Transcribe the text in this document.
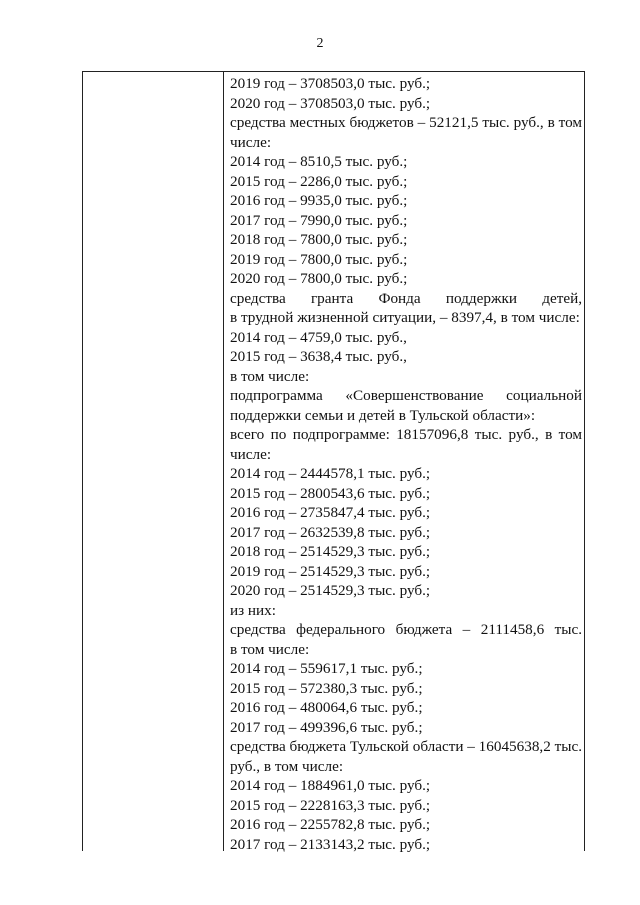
2
2019 год – 3708503,0 тыс. руб.;
2020 год – 3708503,0 тыс. руб.;
средства местных бюджетов – 52121,5 тыс. руб., в том
числе:
2014 год – 8510,5 тыс. руб.;
2015 год – 2286,0 тыс. руб.;
2016 год – 9935,0 тыс. руб.;
2017 год – 7990,0 тыс. руб.;
2018 год – 7800,0 тыс. руб.;
2019 год – 7800,0 тыс. руб.;
2020 год – 7800,0 тыс. руб.;
средства гранта Фонда поддержки детей,
в трудной жизненной ситуации, – 8397,4, в том числе:
2014 год – 4759,0 тыс. руб.,
2015 год – 3638,4 тыс. руб.,
в том числе:
подпрограмма «Совершенствование социальной
поддержки семьи и детей в Тульской области»:
всего по подпрограмме: 18157096,8 тыс. руб., в том
числе:
2014 год – 2444578,1 тыс. руб.;
2015 год – 2800543,6 тыс. руб.;
2016 год – 2735847,4 тыс. руб.;
2017 год – 2632539,8 тыс. руб.;
2018 год – 2514529,3 тыс. руб.;
2019 год – 2514529,3 тыс. руб.;
2020 год – 2514529,3 тыс. руб.;
из них:
средства федерального бюджета – 2111458,6 тыс.
в том числе:
2014 год – 559617,1 тыс. руб.;
2015 год – 572380,3 тыс. руб.;
2016 год – 480064,6 тыс. руб.;
2017 год – 499396,6 тыс. руб.;
средства бюджета Тульской области – 16045638,2 тыс.
руб., в том числе:
2014 год – 1884961,0 тыс. руб.;
2015 год – 2228163,3 тыс. руб.;
2016 год – 2255782,8 тыс. руб.;
2017 год – 2133143,2 тыс. руб.;
